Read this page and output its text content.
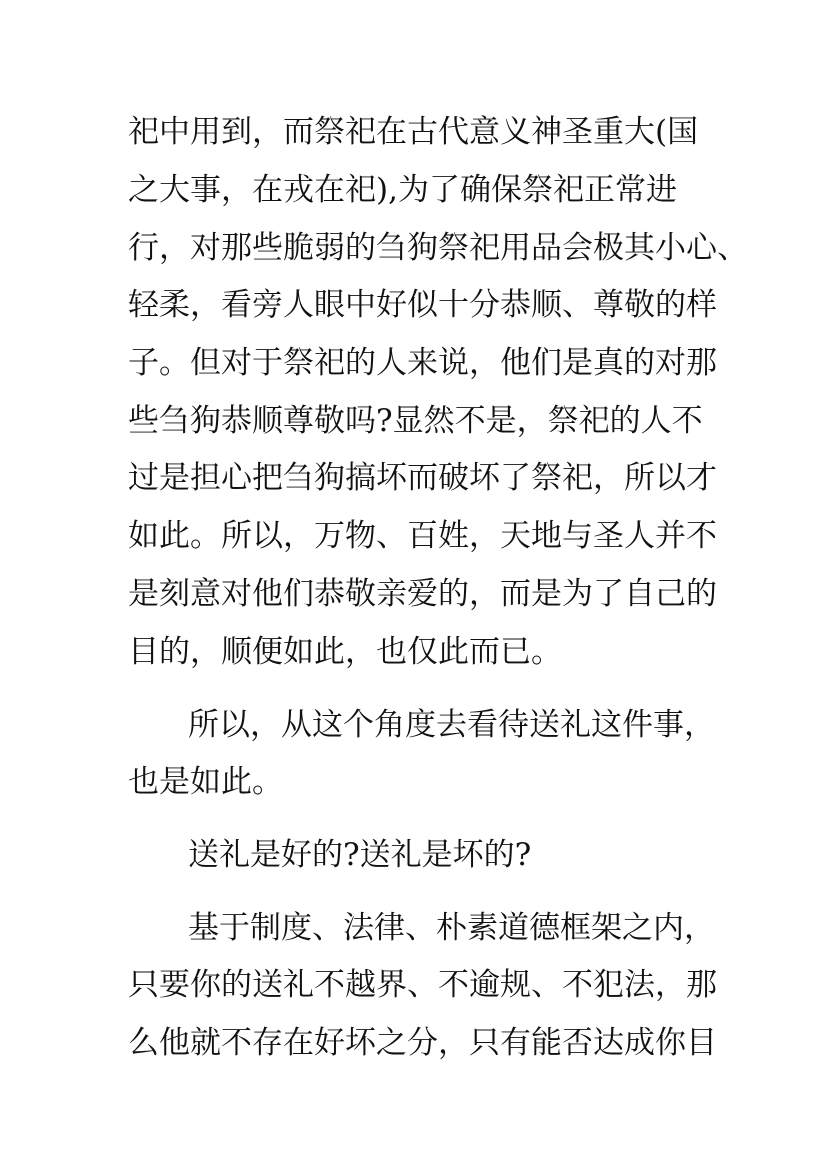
祀中用到，而祭祀在古代意义神圣重大(国
之大事，在戎在祀),为了确保祭祀正常进
行，对那些脆弱的刍狗祭祀用品会极其小心、
轻柔，看旁人眼中好似十分恭顺、尊敬的样
子。但对于祭祀的人来说，他们是真的对那
些刍狗恭顺尊敬吗?显然不是，祭祀的人不
过是担心把刍狗搞坏而破坏了祭祀，所以才
如此。所以，万物、百姓，天地与圣人并不
是刻意对他们恭敬亲爱的，而是为了自己的
目的，顺便如此，也仅此而已。
所以，从这个角度去看待送礼这件事，
也是如此。
送礼是好的?送礼是坏的?
基于制度、法律、朴素道德框架之内，
只要你的送礼不越界、不逾规、不犯法，那
么他就不存在好坏之分，只有能否达成你目
